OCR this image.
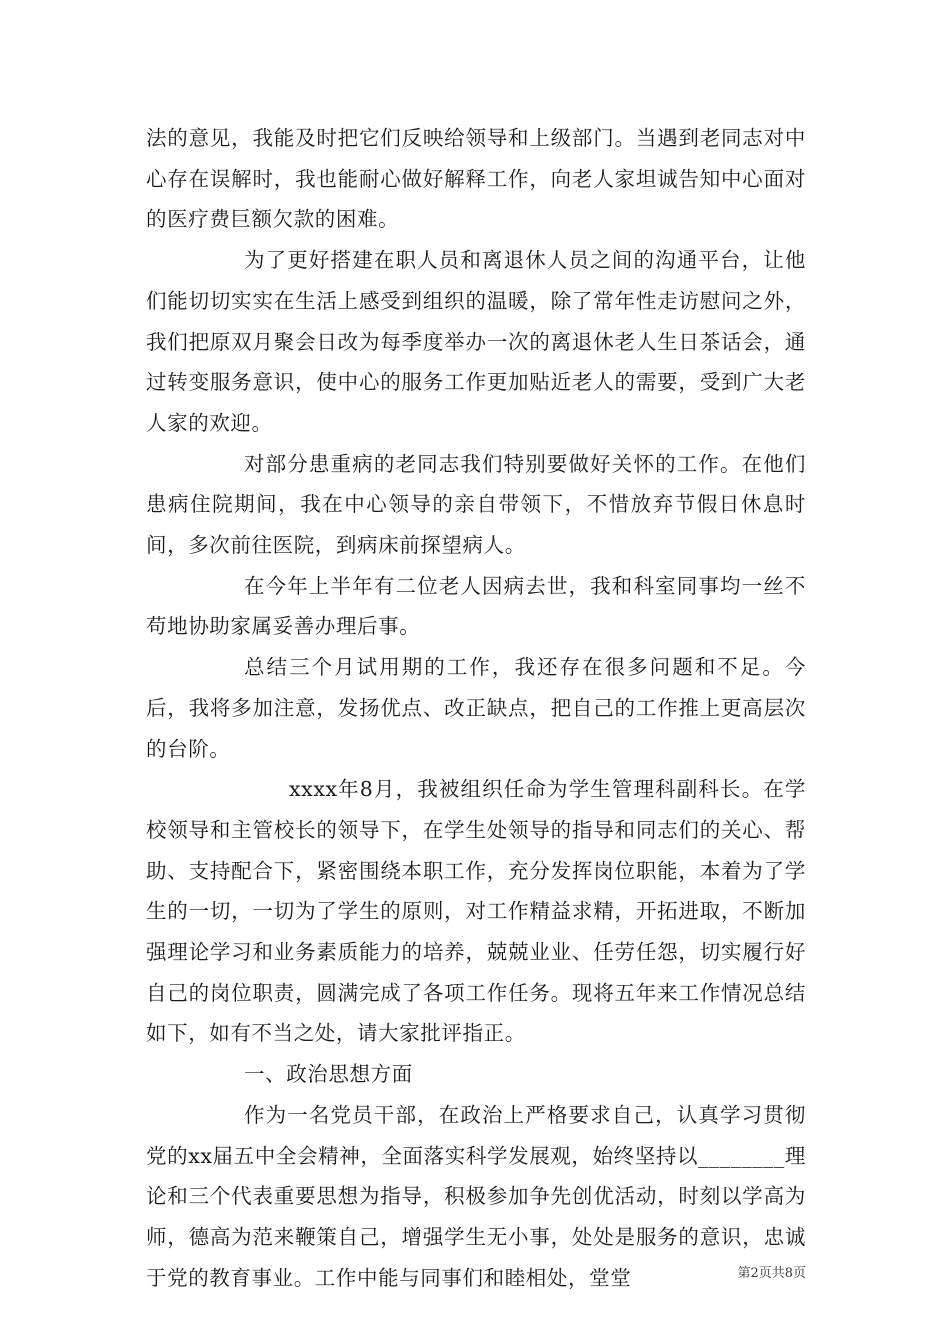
法的意见，我能及时把它们反映给领导和上级部门。当遇到老同志对中心存在误解时，我也能耐心做好解释工作，向老人家坦诚告知中心面对的医疗费巨额欠款的困难。

为了更好搭建在职人员和离退休人员之间的沟通平台，让他们能切切实实在生活上感受到组织的温暖，除了常年性走访慰问之外，我们把原双月聚会日改为每季度举办一次的离退休老人生日茶话会，通过转变服务意识，使中心的服务工作更加贴近老人的需要，受到广大老人家的欢迎。

对部分患重病的老同志我们特别要做好关怀的工作。在他们患病住院期间，我在中心领导的亲自带领下，不惜放弃节假日休息时间，多次前往医院，到病床前探望病人。

在今年上半年有二位老人因病去世，我和科室同事均一丝不苟地协助家属妥善办理后事。

总结三个月试用期的工作，我还存在很多问题和不足。今后，我将多加注意，发扬优点、改正缺点，把自己的工作推上更高层次的台阶。

xxxx年8月，我被组织任命为学生管理科副科长。在学校领导和主管校长的领导下，在学生处领导的指导和同志们的关心、帮助、支持配合下，紧密围绕本职工作，充分发挥岗位职能，本着为了学生的一切，一切为了学生的原则，对工作精益求精，开拓进取，不断加强理论学习和业务素质能力的培养，兢兢业业、任劳任怨，切实履行好自己的岗位职责，圆满完成了各项工作任务。现将五年来工作情况总结如下，如有不当之处，请大家批评指正。

一、政治思想方面

作为一名党员干部，在政治上严格要求自己，认真学习贯彻党的xx届五中全会精神，全面落实科学发展观，始终坚持以________理论和三个代表重要思想为指导，积极参加争先创优活动，时刻以学高为师，德高为范来鞭策自己，增强学生无小事，处处是服务的意识，忠诚于党的教育事业。工作中能与同事们和睦相处，堂堂	第2页共8页
